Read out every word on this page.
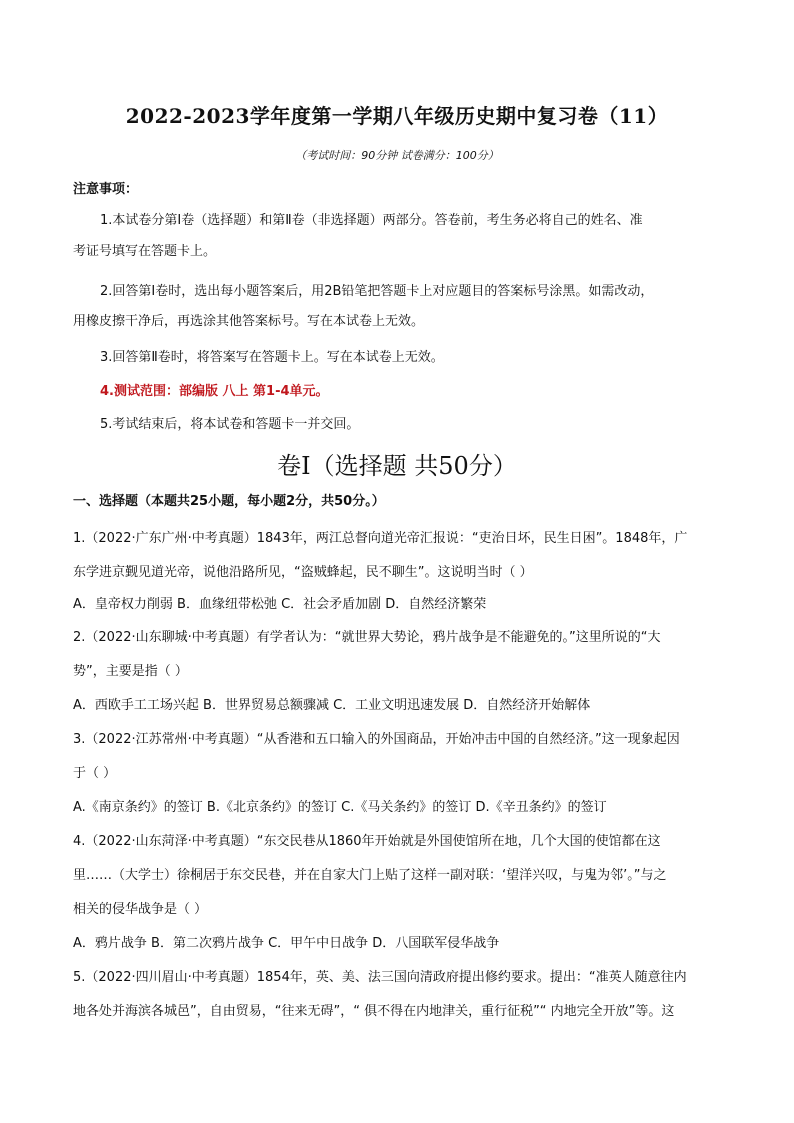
2022-2023学年度第一学期八年级历史期中复习卷（11）
（考试时间：90分钟 试卷满分：100分）
注意事项：
1.本试卷分第Ⅰ卷（选择题）和第Ⅱ卷（非选择题）两部分。答卷前，考生务必将自己的姓名、准
考证号填写在答题卡上。
2.回答第Ⅰ卷时，选出每小题答案后，用2B铅笔把答题卡上对应题目的答案标号涂黑。如需改动，
用橡皮擦干净后，再选涂其他答案标号。写在本试卷上无效。
3.回答第Ⅱ卷时，将答案写在答题卡上。写在本试卷上无效。
4.测试范围：部编版 八上 第1-4单元。
5.考试结束后，将本试卷和答题卡一并交回。
卷Ⅰ（选择题 共50分）
一、选择题（本题共25小题，每小题2分，共50分。）
1.（2022·广东广州·中考真题）1843年，两江总督向道光帝汇报说：“吏治日坏，民生日困”。1848年，广
东学进京觐见道光帝，说他沿路所见，“盗贼蜂起，民不聊生”。这说明当时（ ）
A．皇帝权力削弱 B．血缘纽带松弛 C．社会矛盾加剧 D．自然经济繁荣
2.（2022·山东聊城·中考真题）有学者认为：“就世界大势论，鸦片战争是不能避免的。”这里所说的“大
势”，主要是指（ ）
A．西欧手工工场兴起 B．世界贸易总额骤减 C．工业文明迅速发展 D．自然经济开始解体
3.（2022·江苏常州·中考真题）“从香港和五口输入的外国商品，开始冲击中国的自然经济。”这一现象起因
于（ ）
A.《南京条约》的签订 B.《北京条约》的签订 C.《马关条约》的签订 D.《辛丑条约》的签订
4.（2022·山东菏泽·中考真题）“东交民巷从1860年开始就是外国使馆所在地，几个大国的使馆都在这
里……（大学士）徐桐居于东交民巷，并在自家大门上贴了这样一副对联：‘望洋兴叹，与鬼为邻’。”与之
相关的侵华战争是（ ）
A．鸦片战争 B．第二次鸦片战争 C．甲午中日战争 D．八国联军侵华战争
5.（2022·四川眉山·中考真题）1854年，英、美、法三国向清政府提出修约要求。提出：“准英人随意往内
地各处并海滨各城邑”，自由贸易，“往来无碍”，“ 俱不得在内地津关，重行征税”“ 内地完全开放”等。这
